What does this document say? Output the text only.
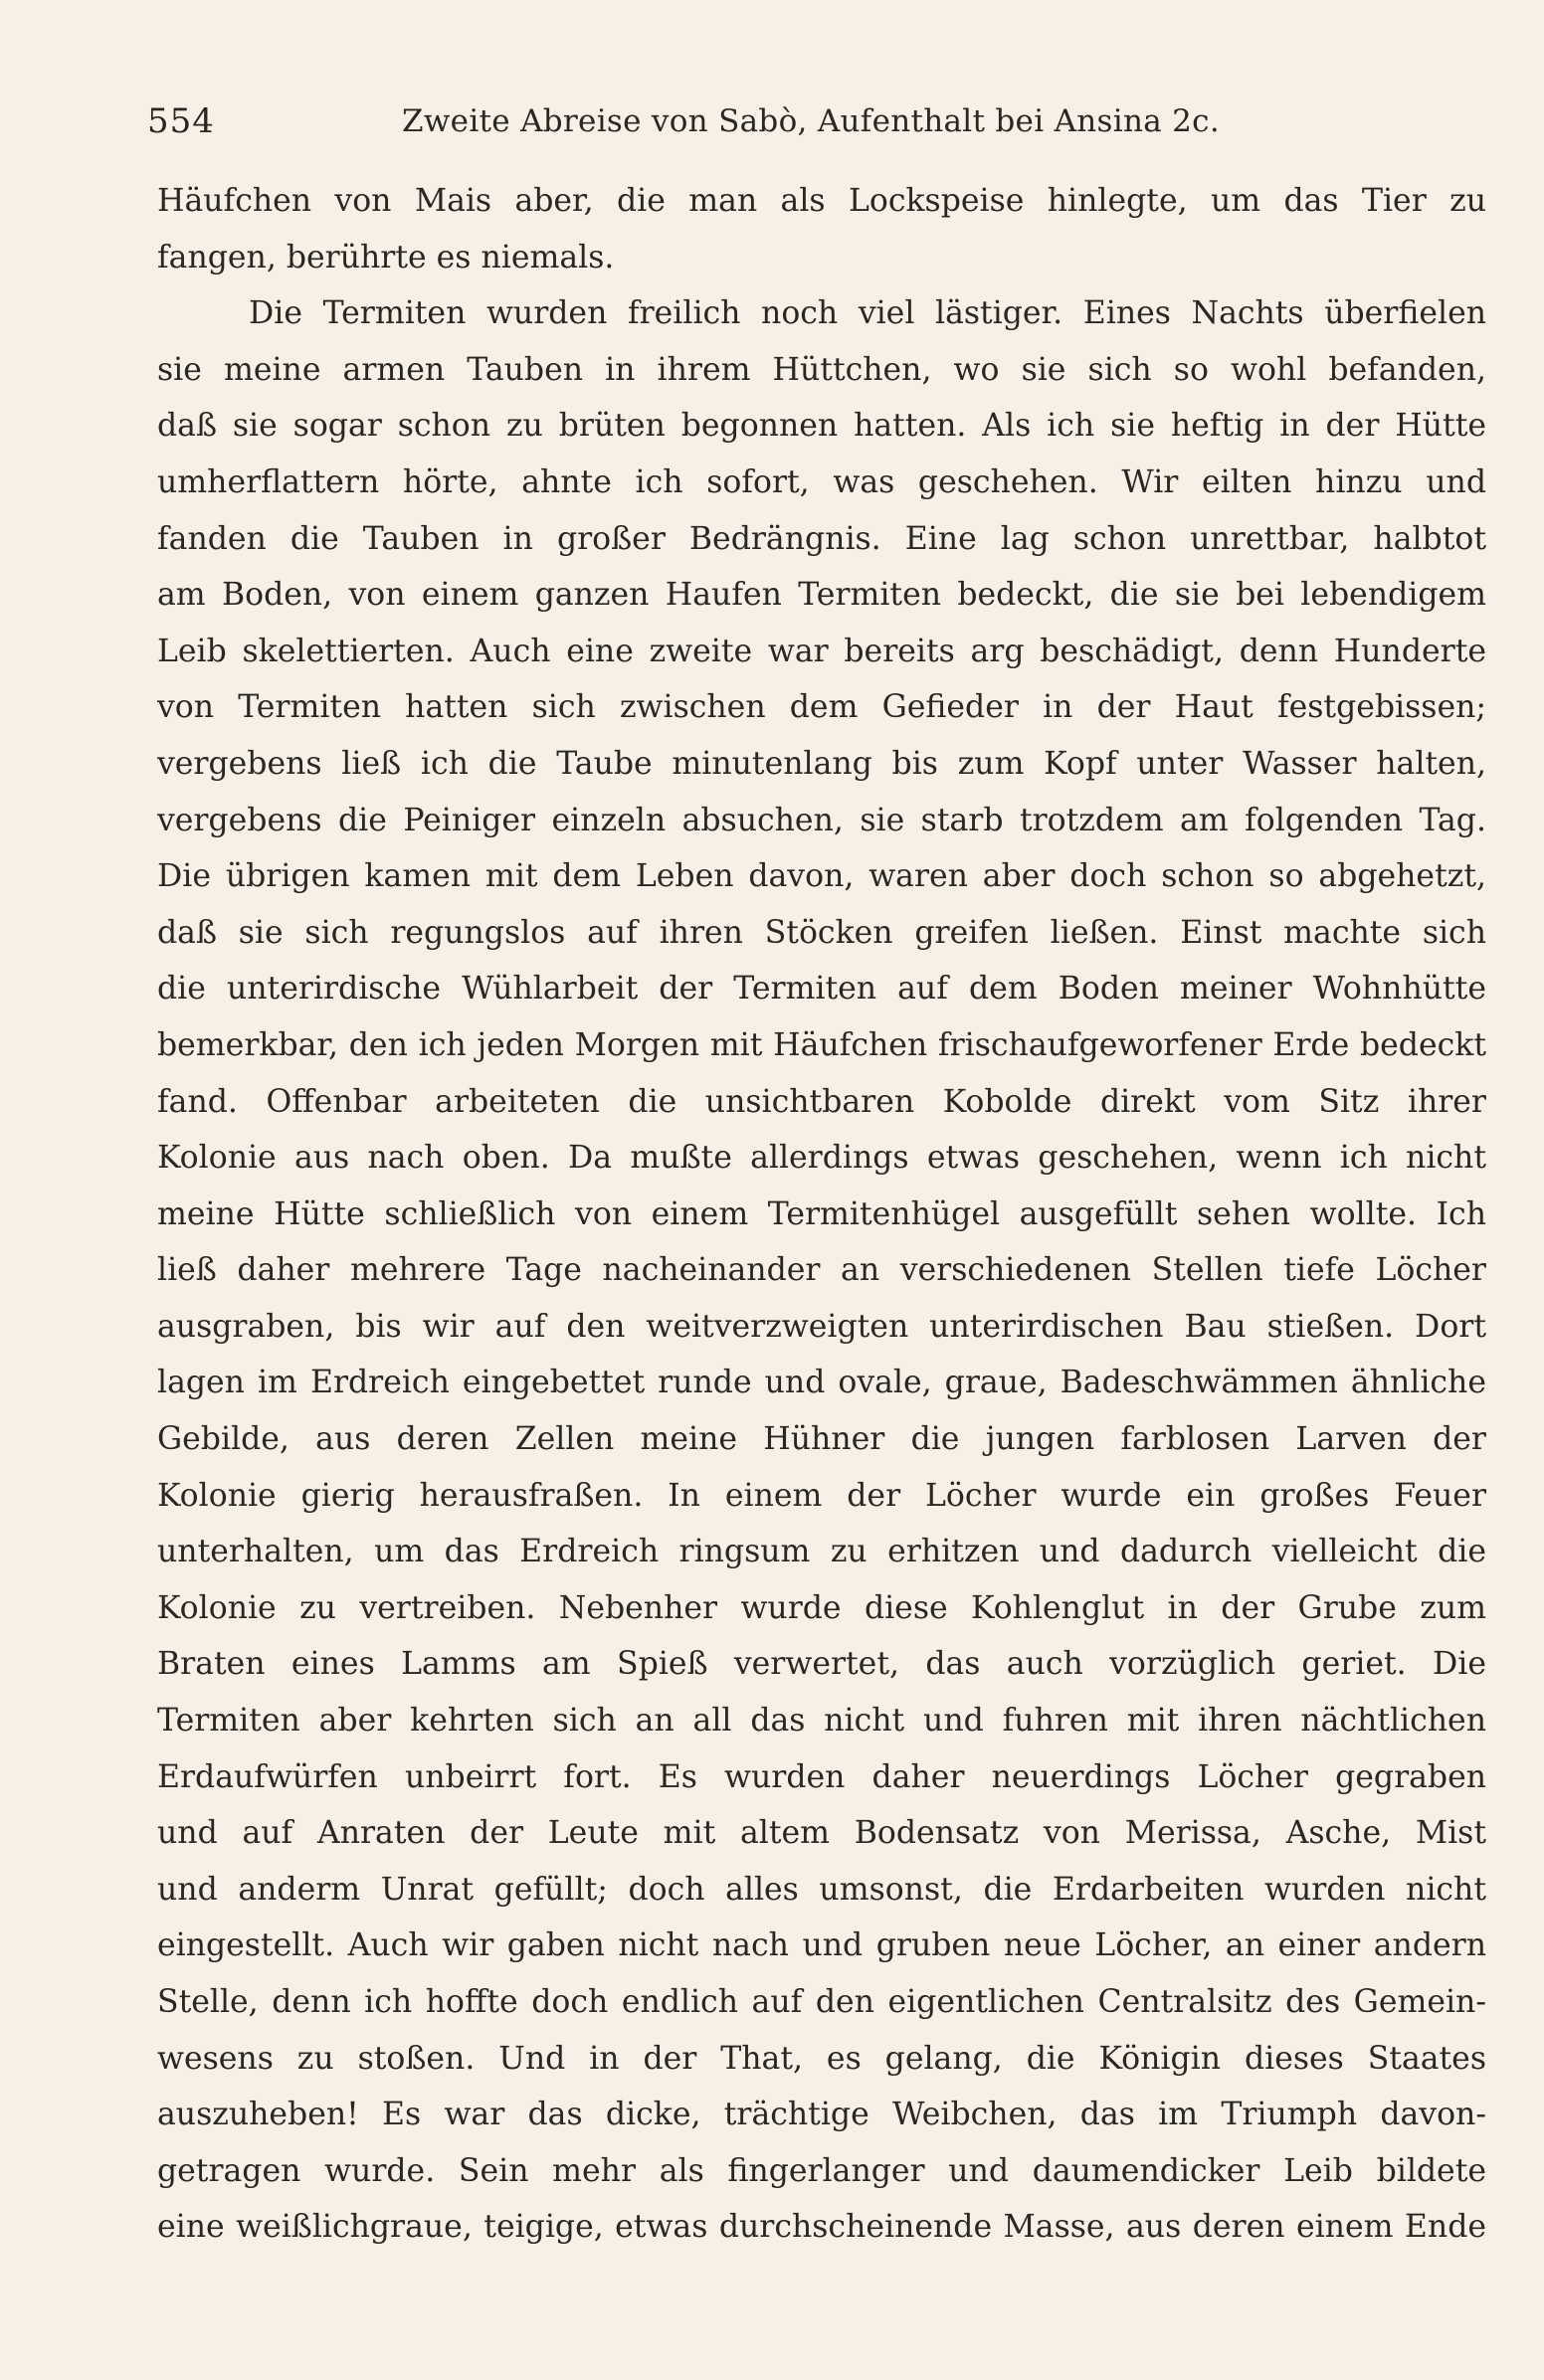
554	Zweite Abreise von Sabò, Aufenthalt bei Ansina 2c.
Häufchen von Mais aber, die man als Lockspeise hinlegte, um das Tier zu
fangen, berührte es niemals.
Die Termiten wurden freilich noch viel lästiger. Eines Nachts überfielen
sie meine armen Tauben in ihrem Hüttchen, wo sie sich so wohl befanden,
daß sie sogar schon zu brüten begonnen hatten. Als ich sie heftig in der Hütte
umherflattern hörte, ahnte ich sofort, was geschehen. Wir eilten hinzu und
fanden die Tauben in großer Bedrängnis. Eine lag schon unrettbar, halbtot
am Boden, von einem ganzen Haufen Termiten bedeckt, die sie bei lebendigem
Leib skelettierten. Auch eine zweite war bereits arg beschädigt, denn Hunderte
von Termiten hatten sich zwischen dem Gefieder in der Haut festgebissen;
vergebens ließ ich die Taube minutenlang bis zum Kopf unter Wasser halten,
vergebens die Peiniger einzeln absuchen, sie starb trotzdem am folgenden Tag.
Die übrigen kamen mit dem Leben davon, waren aber doch schon so abgehetzt,
daß sie sich regungslos auf ihren Stöcken greifen ließen. Einst machte sich
die unterirdische Wühlarbeit der Termiten auf dem Boden meiner Wohnhütte
bemerkbar, den ich jeden Morgen mit Häufchen frischaufgeworfener Erde bedeckt
fand. Offenbar arbeiteten die unsichtbaren Kobolde direkt vom Sitz ihrer
Kolonie aus nach oben. Da mußte allerdings etwas geschehen, wenn ich nicht
meine Hütte schließlich von einem Termitenhügel ausgefüllt sehen wollte. Ich
ließ daher mehrere Tage nacheinander an verschiedenen Stellen tiefe Löcher
ausgraben, bis wir auf den weitverzweigten unterirdischen Bau stießen. Dort
lagen im Erdreich eingebettet runde und ovale, graue, Badeschwämmen ähnliche
Gebilde, aus deren Zellen meine Hühner die jungen farblosen Larven der
Kolonie gierig herausfraßen. In einem der Löcher wurde ein großes Feuer
unterhalten, um das Erdreich ringsum zu erhitzen und dadurch vielleicht die
Kolonie zu vertreiben. Nebenher wurde diese Kohlenglut in der Grube zum
Braten eines Lamms am Spieß verwertet, das auch vorzüglich geriet. Die
Termiten aber kehrten sich an all das nicht und fuhren mit ihren nächtlichen
Erdaufwürfen unbeirrt fort. Es wurden daher neuerdings Löcher gegraben
und auf Anraten der Leute mit altem Bodensatz von Merissa, Asche, Mist
und anderm Unrat gefüllt; doch alles umsonst, die Erdarbeiten wurden nicht
eingestellt. Auch wir gaben nicht nach und gruben neue Löcher, an einer andern
Stelle, denn ich hoffte doch endlich auf den eigentlichen Centralsitz des Gemein-
wesens zu stoßen. Und in der That, es gelang, die Königin dieses Staates
auszuheben! Es war das dicke, trächtige Weibchen, das im Triumph davon-
getragen wurde. Sein mehr als fingerlanger und daumendicker Leib bildete
eine weißlichgraue, teigige, etwas durchscheinende Masse, aus deren einem Ende
